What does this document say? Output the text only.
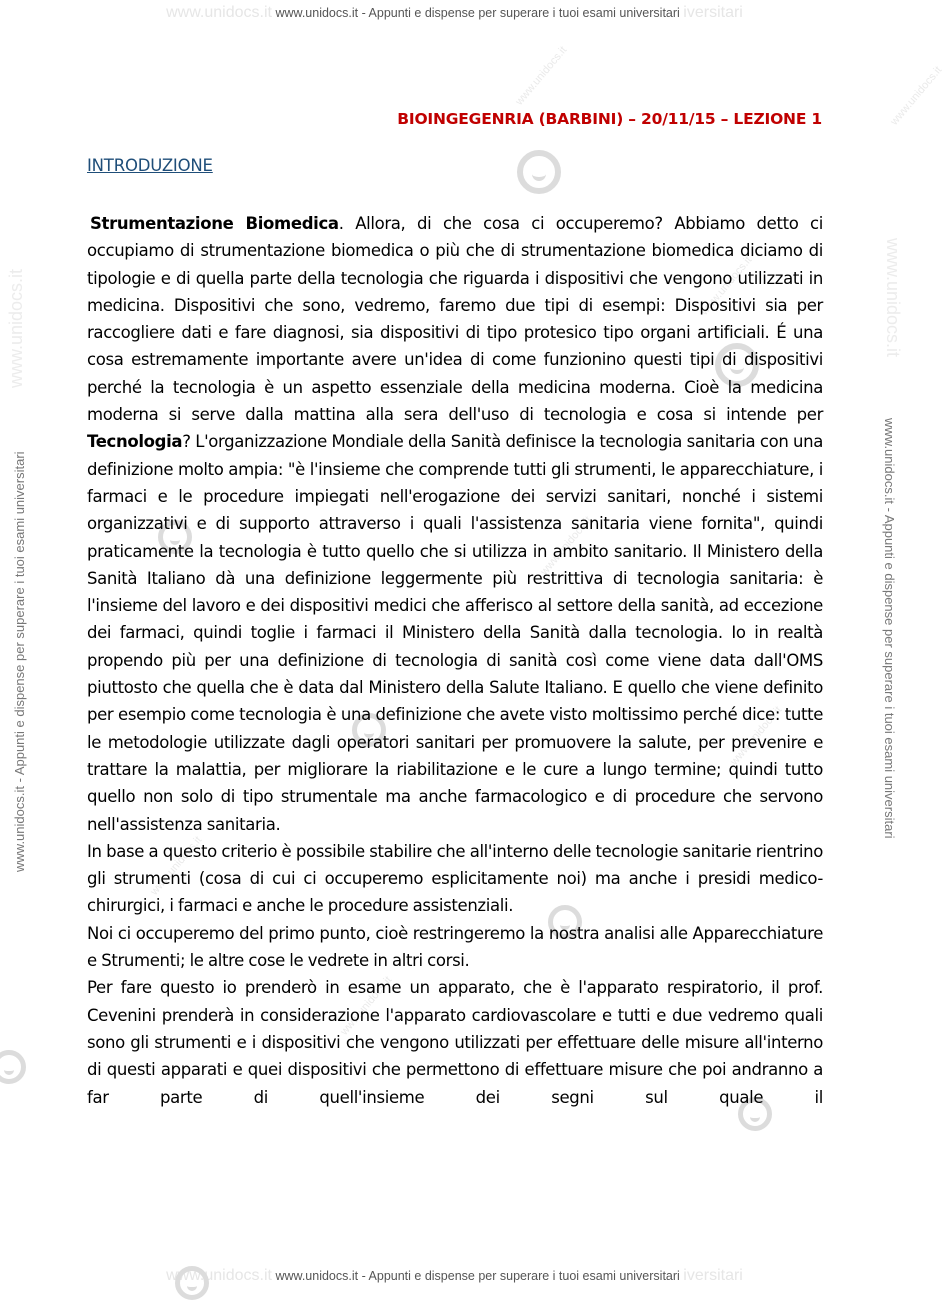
www.unidocs.it www.unidocs.it - Appunti e dispense per superare i tuoi esami universitari iversitari
www.unidocs.it www.unidocs.it - Appunti e dispense per superare i tuoi esami universitari iversitari
www.unidocs.it - Appunti e dispense per superare i tuoi esami universitari
www.unidocs.it
www.unidocs.it - Appunti e dispense per superare i tuoi esami universitari
www.unidocs.it
www.unidocs.it	www.unidocs.it
www.unidocs.it
www.unidocs.it
www.unidocs.it
www.unidocs.it
www.unidocs.it
BIOINGEGENRIA (BARBINI) – 20/11/15 – LEZIONE 1
INTRODUZIONE

Strumentazione Biomedica. Allora, di che cosa ci occuperemo? Abbiamo detto ci occupiamo di strumentazione biomedica o più che di strumentazione biomedica diciamo di tipologie e di quella parte della tecnologia che riguarda i dispositivi che vengono utilizzati in medicina. Dispositivi che sono, vedremo, faremo due tipi di esempi: Dispositivi sia per raccogliere dati e fare diagnosi, sia dispositivi di tipo protesico tipo organi artificiali. É una cosa estremamente importante avere un'idea di come funzionino questi tipi di dispositivi perché la tecnologia è un aspetto essenziale della medicina moderna. Cioè la medicina moderna si serve dalla mattina alla sera dell'uso di tecnologia e cosa si intende per Tecnologia? L'organizzazione Mondiale della Sanità definisce la tecnologia sanitaria con una definizione molto ampia: "è l'insieme che comprende tutti gli strumenti, le apparecchiature, i farmaci e le procedure impiegati nell'erogazione dei servizi sanitari, nonché i sistemi organizzativi e di supporto attraverso i quali l'assistenza sanitaria viene fornita", quindi praticamente la tecnologia è tutto quello che si utilizza in ambito sanitario. Il Ministero della Sanità Italiano dà una definizione leggermente più restrittiva di tecnologia sanitaria: è l'insieme del lavoro e dei dispositivi medici che afferisco al settore della sanità, ad eccezione dei farmaci, quindi toglie i farmaci il Ministero della Sanità dalla tecnologia. Io in realtà propendo più per una definizione di tecnologia di sanità così come viene data dall'OMS piuttosto che quella che è data dal Ministero della Salute Italiano. E quello che viene definito per esempio come tecnologia è una definizione che avete visto moltissimo perché dice: tutte le metodologie utilizzate dagli operatori sanitari per promuovere la salute, per prevenire e trattare la malattia, per migliorare la riabilitazione e le cure a lungo termine; quindi tutto quello non solo di tipo strumentale ma anche farmacologico e di procedure che servono nell'assistenza sanitaria.

In base a questo criterio è possibile stabilire che all'interno delle tecnologie sanitarie rientrino gli strumenti (cosa di cui ci occuperemo esplicitamente noi) ma anche i presidi medico-chirurgici, i farmaci e anche le procedure assistenziali.

Noi ci occuperemo del primo punto, cioè restringeremo la nostra analisi alle Apparecchiature e Strumenti; le altre cose le vedrete in altri corsi.

Per fare questo io prenderò in esame un apparato, che è l'apparato respiratorio, il prof. Cevenini prenderà in considerazione l'apparato cardiovascolare e tutti e due vedremo quali sono gli strumenti e i dispositivi che vengono utilizzati per effettuare delle misure all'interno di questi apparati e quei dispositivi che permettono di effettuare misure che poi andranno a far parte di quell'insieme dei segni sul quale il
